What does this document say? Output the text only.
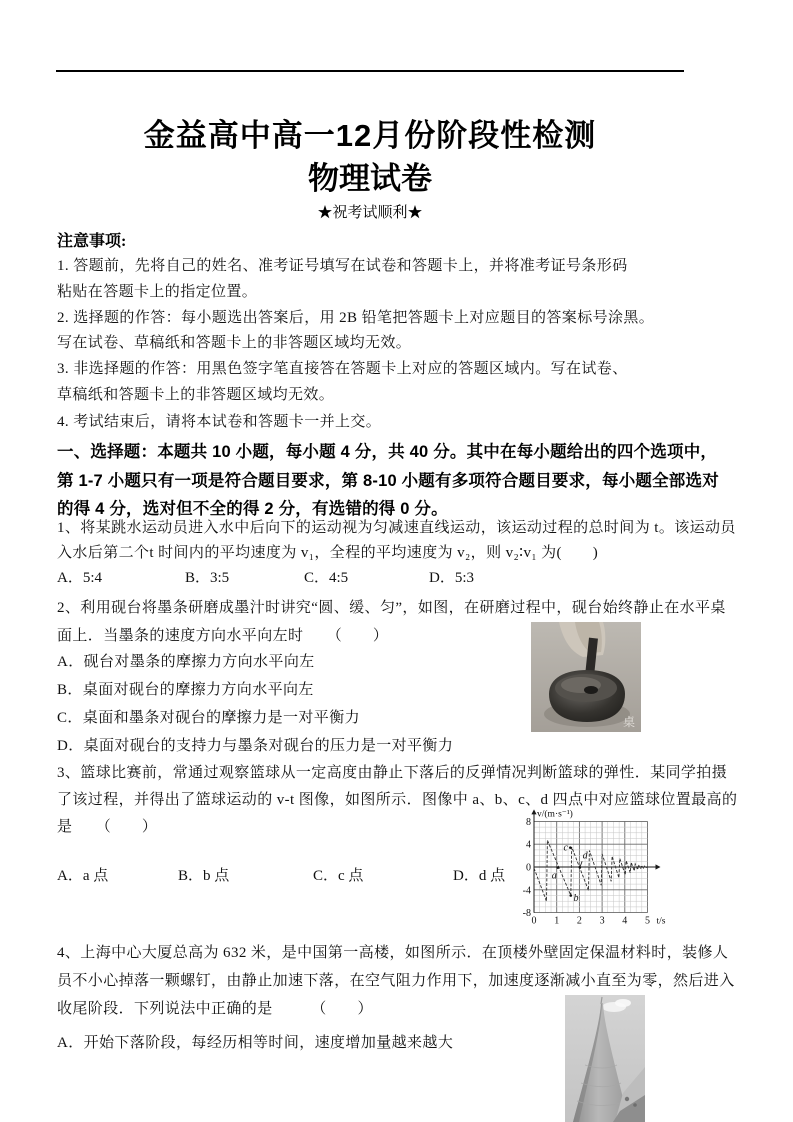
金益高中高一12月份阶段性检测
物理试卷
★祝考试顺利★
注意事项:
1. 答题前，先将自己的姓名、准考证号填写在试卷和答题卡上，并将准考证号条形码
粘贴在答题卡上的指定位置。
2. 选择题的作答：每小题选出答案后，用 2B 铅笔把答题卡上对应题目的答案标号涂黑。
写在试卷、草稿纸和答题卡上的非答题区域均无效。
3. 非选择题的作答：用黑色签字笔直接答在答题卡上对应的答题区域内。写在试卷、
草稿纸和答题卡上的非答题区域均无效。
4. 考试结束后，请将本试卷和答题卡一并上交。
一、选择题：本题共 10 小题，每小题 4 分，共 40 分。其中在每小题给出的四个选项中，
第 1-7 小题只有一项是符合题目要求，第 8-10 小题有多项符合题目要求，每小题全部选对
的得 4 分，选对但不全的得 2 分，有选错的得 0 分。
1、将某跳水运动员进入水中后向下的运动视为匀减速直线运动，该运动过程的总时间为 t。该运动员
入水后第二个t 时间内的平均速度为 v₁，全程的平均速度为 v₂，则 v₂∶v₁ 为(　　)
A．5:4	B．3:5	C．4:5	D．5:3
2、利用砚台将墨条研磨成墨汁时讲究“圆、缓、匀”，如图，在研磨过程中，砚台始终静止在水平桌
面上．当墨条的速度方向水平向左时　　（　　）
A．砚台对墨条的摩擦力方向水平向左
B．桌面对砚台的摩擦力方向水平向左
C．桌面和墨条对砚台的摩擦力是一对平衡力
D．桌面对砚台的支持力与墨条对砚台的压力是一对平衡力
桌
3、篮球比赛前，常通过观察篮球从一定高度由静止下落后的反弹情况判断篮球的弹性．某同学拍摄
了该过程，并得出了篮球运动的 v-t 图像，如图所示．图像中 a、b、c、d 四点中对应篮球位置最高的
是　　（　　）
A．a 点	B．b 点	C．c 点	D．d 点
8
4
0
-4
-8
0 1 2 3 4 5
v/(m·s⁻¹)
t/s
a
b
c
d
4、上海中心大厦总高为 632 米，是中国第一高楼，如图所示．在顶楼外壁固定保温材料时，装修人
员不小心掉落一颗螺钉，由静止加速下落，在空气阻力作用下，加速度逐渐减小直至为零，然后进入
收尾阶段．下列说法中正确的是　　　（　　）
A．开始下落阶段，每经历相等时间，速度增加量越来越大
